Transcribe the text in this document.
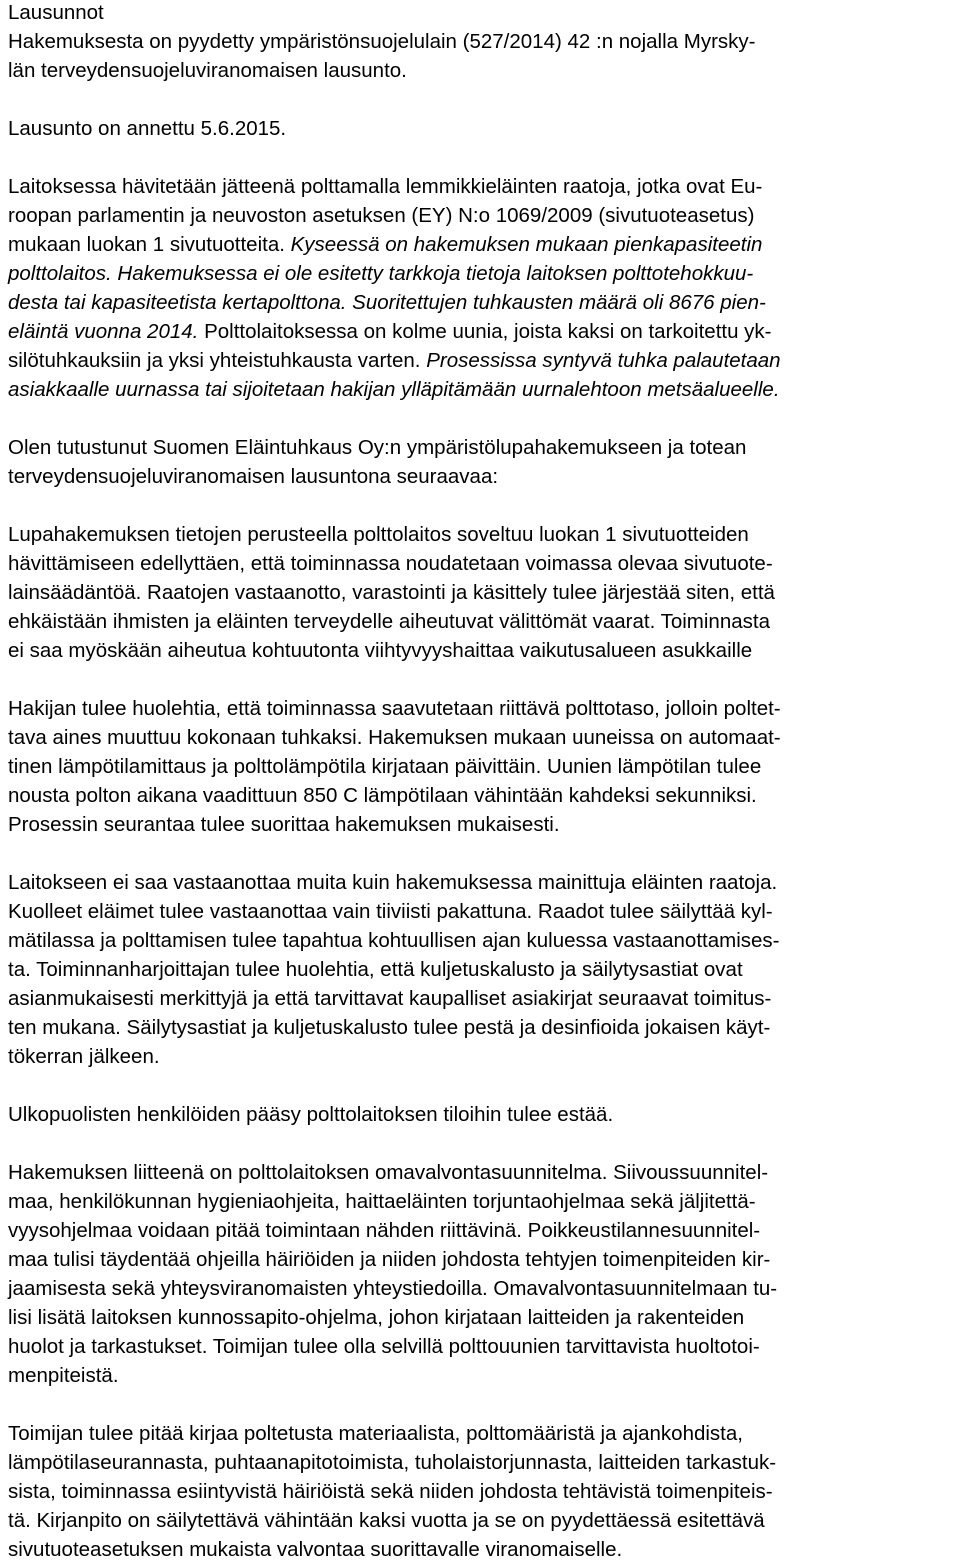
Lausunnot
Hakemuksesta on pyydetty ympäristönsuojelulain (527/2014) 42 :n nojalla Myrsky-
län terveydensuojeluviranomaisen lausunto.
Lausunto on annettu 5.6.2015.
Laitoksessa hävitetään jätteenä polttamalla lemmikkieläinten raatoja, jotka ovat Eu-
roopan parlamentin ja neuvoston asetuksen (EY) N:o 1069/2009 (sivutuoteasetus)
mukaan luokan 1 sivutuotteita. Kyseessä on hakemuksen mukaan pienkapasiteetin
polttolaitos. Hakemuksessa ei ole esitetty tarkkoja tietoja laitoksen polttotehokkuu-
desta tai kapasiteetista kertapolttona. Suoritettujen tuhkausten määrä oli 8676 pien-
eläintä vuonna 2014. Polttolaitoksessa on kolme uunia, joista kaksi on tarkoitettu yk-
silötuhkauksiin ja yksi yhteistuhkausta varten. Prosessissa syntyvä tuhka palautetaan
asiakkaalle uurnassa tai sijoitetaan hakijan ylläpitämään uurnalehtoon metsäalueelle.
Olen tutustunut Suomen Eläintuhkaus Oy:n ympäristölupahakemukseen ja totean
terveydensuojeluviranomaisen lausuntona seuraavaa:
Lupahakemuksen tietojen perusteella polttolaitos soveltuu luokan 1 sivutuotteiden
hävittämiseen edellyttäen, että toiminnassa noudatetaan voimassa olevaa sivutuote-
lainsäädäntöä. Raatojen vastaanotto, varastointi ja käsittely tulee järjestää siten, että
ehkäistään ihmisten ja eläinten terveydelle aiheutuvat välittömät vaarat. Toiminnasta
ei saa myöskään aiheutua kohtuutonta viihtyvyyshaittaa vaikutusalueen asukkaille
Hakijan tulee huolehtia, että toiminnassa saavutetaan riittävä polttotaso, jolloin poltet-
tava aines muuttuu kokonaan tuhkaksi. Hakemuksen mukaan uuneissa on automaat-
tinen lämpötilamittaus ja polttolämpötila kirjataan päivittäin. Uunien lämpötilan tulee
nousta polton aikana vaadittuun 850 C lämpötilaan vähintään kahdeksi sekunniksi.
Prosessin seurantaa tulee suorittaa hakemuksen mukaisesti.
Laitokseen ei saa vastaanottaa muita kuin hakemuksessa mainittuja eläinten raatoja.
Kuolleet eläimet tulee vastaanottaa vain tiiviisti pakattuna. Raadot tulee säilyttää kyl-
mätilassa ja polttamisen tulee tapahtua kohtuullisen ajan kuluessa vastaanottamises-
ta. Toiminnanharjoittajan tulee huolehtia, että kuljetuskalusto ja säilytysastiat ovat
asianmukaisesti merkittyjä ja että tarvittavat kaupalliset asiakirjat seuraavat toimitus-
ten mukana. Säilytysastiat ja kuljetuskalusto tulee pestä ja desinfioida jokaisen käyt-
tökerran jälkeen.
Ulkopuolisten henkilöiden pääsy polttolaitoksen tiloihin tulee estää.
Hakemuksen liitteenä on polttolaitoksen omavalvontasuunnitelma. Siivoussuunnitel-
maa, henkilökunnan hygieniaohjeita, haittaeläinten torjuntaohjelmaa sekä jäljitettä-
vyysohjelmaa voidaan pitää toimintaan nähden riittävinä. Poikkeustilannesuunnitel-
maa tulisi täydentää ohjeilla häiriöiden ja niiden johdosta tehtyjen toimenpiteiden kir-
jaamisesta sekä yhteysviranomaisten yhteystiedoilla. Omavalvontasuunnitelmaan tu-
lisi lisätä laitoksen kunnossapito-ohjelma, johon kirjataan laitteiden ja rakenteiden
huolot ja tarkastukset. Toimijan tulee olla selvillä polttouunien tarvittavista huoltotoi-
menpiteistä.
Toimijan tulee pitää kirjaa poltetusta materiaalista, polttomääristä ja ajankohdista,
lämpötilaseurannasta, puhtaanapitotoimista, tuholaistorjunnasta, laitteiden tarkastuk-
sista, toiminnassa esiintyvistä häiriöistä sekä niiden johdosta tehtävistä toimenpiteis-
tä. Kirjanpito on säilytettävä vähintään kaksi vuotta ja se on pyydettäessä esitettävä
sivutuoteasetuksen mukaista valvontaa suorittavalle viranomaiselle.
